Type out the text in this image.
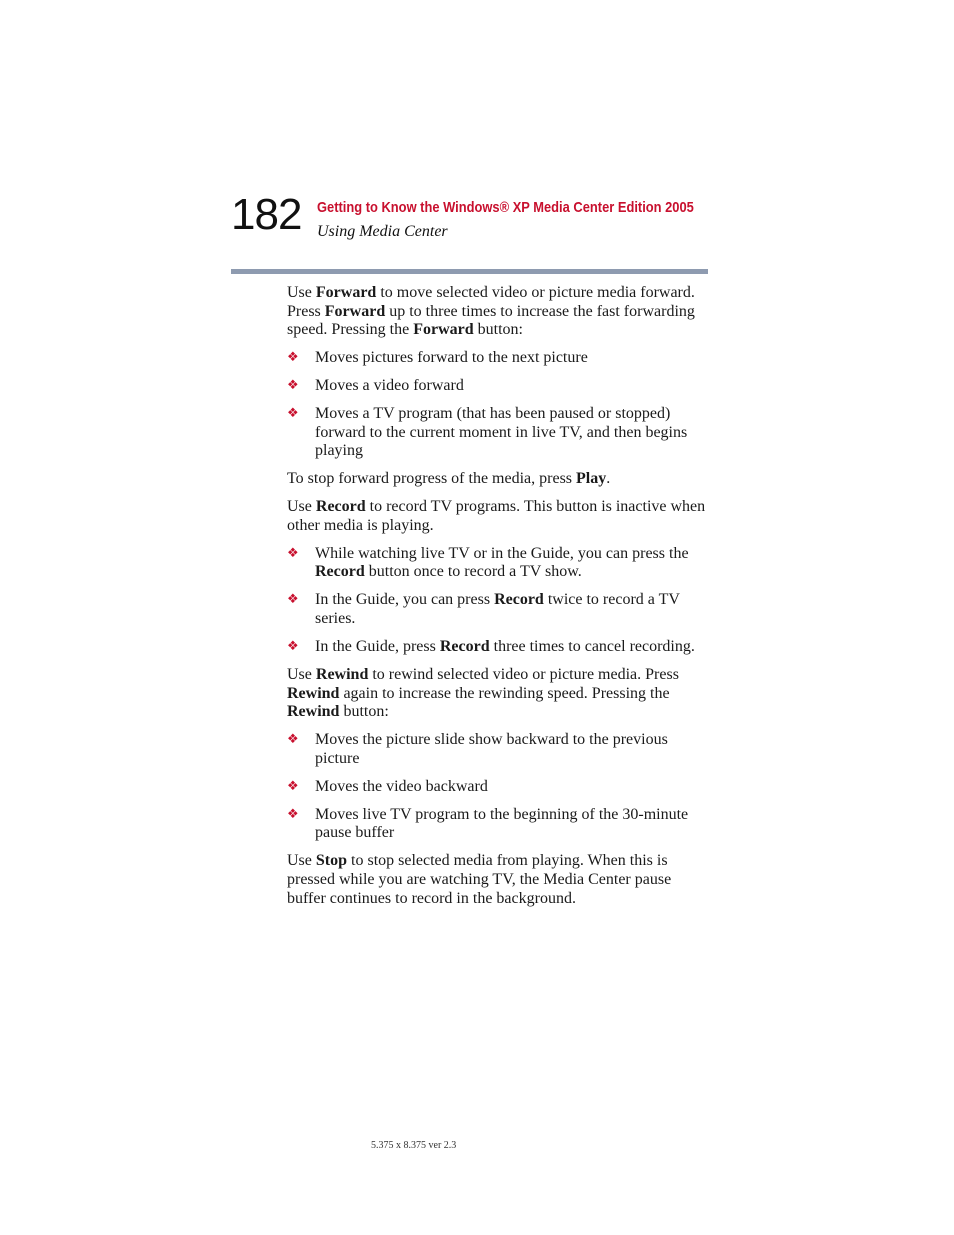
182 Getting to Know the Windows® XP Media Center Edition 2005
Using Media Center

Use Forward to move selected video or picture media forward. Press Forward up to three times to increase the fast forwarding speed. Pressing the Forward button:

❖ Moves pictures forward to the next picture
❖ Moves a video forward
❖ Moves a TV program (that has been paused or stopped) forward to the current moment in live TV, and then begins playing

To stop forward progress of the media, press Play.

Use Record to record TV programs. This button is inactive when other media is playing.

❖ While watching live TV or in the Guide, you can press the Record button once to record a TV show.
❖ In the Guide, you can press Record twice to record a TV series.
❖ In the Guide, press Record three times to cancel recording.

Use Rewind to rewind selected video or picture media. Press Rewind again to increase the rewinding speed. Pressing the Rewind button:

❖ Moves the picture slide show backward to the previous picture
❖ Moves the video backward
❖ Moves live TV program to the beginning of the 30-minute pause buffer

Use Stop to stop selected media from playing. When this is pressed while you are watching TV, the Media Center pause buffer continues to record in the background.

5.375 x 8.375 ver 2.3
